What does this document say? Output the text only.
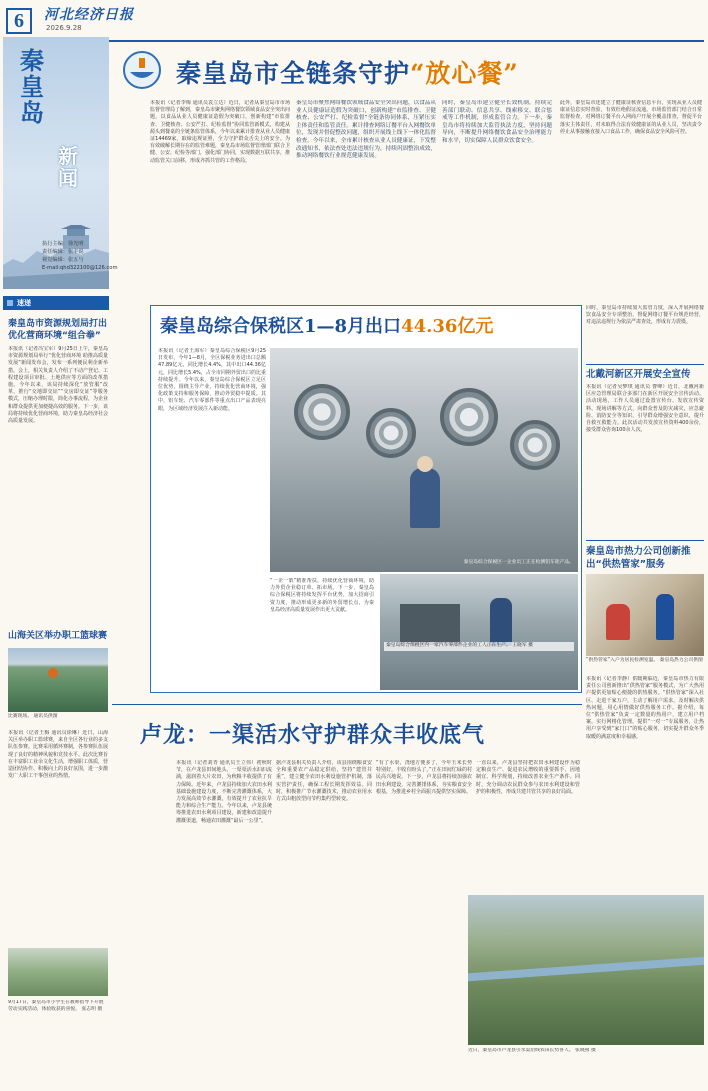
6	河北经济日报
2026.9.28
秦皇岛
新闻
执行主编：徐光明
责任编辑：张丰说
视觉编辑：张五与
E-mail:qhd322100@126.com
秦皇岛市全链条守护“放心餐”
本报讯（记者李梅 通讯员袁立达）近日，记者从秦皇岛市市场监督管理局了解到，秦皇岛市聚焦网络餐饮领域食品安全突出问题，以食品从业人员健康证造假为突破口，创新构建“市监排查、卫健核查、公安严打、纪检监督”协同监管新模式，构建从源头到餐桌的全链条监管体系，今年以来累计排查从业人员健康证14469家，取缔违规证照，全力守护群众舌尖上的安全。为有效破解长期存在的监管难题，秦皇岛市场监督管理部门联合卫健、公安、纪检等部门，强化部门协同，实现数据互联共享，推动监管关口前移，形成齐抓共管的工作格局。
秦皇岛市聚焦网络餐饮领域食品安全突出问题，以食品从业人员健康证造假为突破口，创新构建“市监排查、卫健核查、公安严打、纪检监督”全链条协同体系，压紧压实主体责任和监管责任。累计排查网络订餐平台入网餐饮单位，发现并督促整改问题，组织开展线上线下一体化监督检查。今年以来，全市累计核查从业人员健康证，下发整改通知书，依法查处违法违规行为，持续巩固整治成效，推动网络餐饮行业规范健康发展。
同时，秦皇岛市建立健全长效机制，持续完善部门联动、信息共享、线索移交、联合惩戒等工作机制，形成监管合力。下一步，秦皇岛市将持续加大监管执法力度，坚持问题导向，不断提升网络餐饮食品安全治理能力和水平，切实保障人民群众饮食安全。
此外，秦皇岛市还建立了健康证核查信息平台，实现从业人员健康证信息实时查验，有效杜绝假证流通。市场监管部门结合日常监督检查，对网络订餐平台入网商户开展全覆盖排查，督促平台落实主体责任，对未取得合法有效健康证的从业人员，坚决责令停止从事接触直接入口食品工作，确保食品安全风险可控。
速递
秦皇岛市资源规划局打出优化营商环境“组合拳”
本报讯（记者冯宝军）9月25日上午，秦皇岛市资源规划局举行“优化营商环境 助推高质量发展”新闻发布会，发布一系列便民利企新举措。会上，相关负责人介绍了不动产登记、工程建设项目审批、土地供应等方面的改革措施。今年以来，该局持续深化“放管服”改革，推行“交地即交证”“交房即交证”等服务模式，压缩办理时限，简化办事流程，为企业和群众提供更加便捷高效的服务。下一步，该局将持续优化营商环境，助力秦皇岛经济社会高质量发展。
山海关区举办职工篮球赛
比赛现场。 通讯员供图
本报讯（记者王梅 通讯员徐琳）近日，山海关区举办职工篮球赛，来自全区各行业的多支队伍参赛。比赛采用循环赛制，各参赛队伍展现了良好的精神风貌和竞技水平。此次比赛旨在丰富职工业余文化生活，增强职工体质，营造团结协作、积极向上的良好氛围，进一步激发广大职工干事创业的热情。
9月17日，秦皇岛市小学生在教师指导下开展劳动实践活动，体验收获的喜悦。 张志明 摄
秦皇岛综合保税区1—8月出口44.36亿元
本报讯（记者王海军）秦皇岛综合保税区9月25日发布，今年1—8月，全区保税业务进出口总额47.89亿元，同比增长4.4%，其中出口44.36亿元，同比增长5.4%，占全市同期外贸出口的比重持续提升。今年以来，秦皇岛综合保税区立足区位优势，围绕主导产业，持续优化营商环境，强化政策支持和服务保障，推动外贸稳中提质。其中，铝车轮、汽车零部件等重点出口产品表现亮眼，为区域经济发展注入新动能。
秦皇岛综合保税区一企业员工正在检测铝车轮产品。
“一企一策”精准帮扶，持续优化营商环境，助力外贸企业稳订单、拓市场。下一步，秦皇岛综合保税区将持续发挥平台优势，加大招商引资力度，推动形成更多新的外贸增长点，为秦皇岛经济高质量发展作出更大贡献。
秦皇岛综合保税区内一家汽车零部件企业的工人正在生产。 王晓军 摄
同时，秦皇岛市持续加大监管力度，深入开展网络餐饮食品安全专项整治，督促网络订餐平台规范经营，对违法违规行为依法严肃查处，形成有力震慑。
北戴河新区开展安全宣传
本报讯（记者吴梦琪 通讯员 曹峰）近日，北戴河新区应急管理局联合多部门在新区开展安全宣传活动。活动现场，工作人员通过设置宣传台、发放宣传资料、现场讲解等方式，向群众普及防灾减灾、应急避险、消防安全等知识，引导群众增强安全意识，提升自救互救能力。此次活动共发放宣传资料400余份，接受群众咨询100余人次。
秦皇岛市热力公司创新推出“供热管家”服务
“供热管家”入户为居民检测室温。 秦皇岛热力公司供图
本报讯（记者李静）供暖期临近，秦皇岛市热力有限责任公司创新推出“供热管家”服务模式，为广大热用户提供更加贴心便捷的供热服务。“供热管家”深入社区、走进千家万户，主动了解用户需求，及时解决供热问题，用心用情做好供热服务工作。据介绍，每位“供热管家”负责一定数量的热用户，建立用户档案，实行网格化管理，提供“一对一”专属服务，让热用户享受到“家门口”的贴心服务，切实提升群众冬季取暖的满意度和幸福感。
卢龙：一渠活水守护群众丰收底气
本报讯（记者刘青 通讯员王立伟）初秋时节，在卢龙县田间地头，一渠渠活水汩汩流淌，滋润着大片农田，为秋粮丰收提供了有力保障。近年来，卢龙县持续加大农田水利基础设施建设力度，不断完善灌溉体系，大力发展高效节水灌溉，有效提升了农业抗旱能力和综合生产能力。今年以来，卢龙县统筹推进农田水利项目建设，新建和改造提升灌溉渠道，畅通农田灌溉“最后一公里”。
据卢龙县相关负责人介绍，该县围绕粮食安全和重要农产品稳定供给，坚持“建管并重”，建立健全农田水利设施管护机制，落实管护责任，确保工程长期发挥效益。同时，积极推广节水灌溉技术，推动农业用水方式由粗放型向节约集约型转变。
“有了水渠，浇地方便多了，今年玉米长势特别好，丰收有盼头了。”正在田间忙碌的村民高兴地说。下一步，卢龙县将持续加强农田水利建设，完善灌排体系，夯实粮食安全根基，为推进乡村全面振兴提供坚实保障。
一直以来，卢龙县坚持把农田水利建设作为稳定粮食生产、促进农民增收的重要抓手，因地制宜、科学规划，持续改善农业生产条件。同时，充分调动农民群众参与农田水利建设和管护的积极性，形成共建共管共享的良好局面。
近日，秦皇岛市卢龙县引水渠沿线农田长势喜人。 张晓燕 摄
